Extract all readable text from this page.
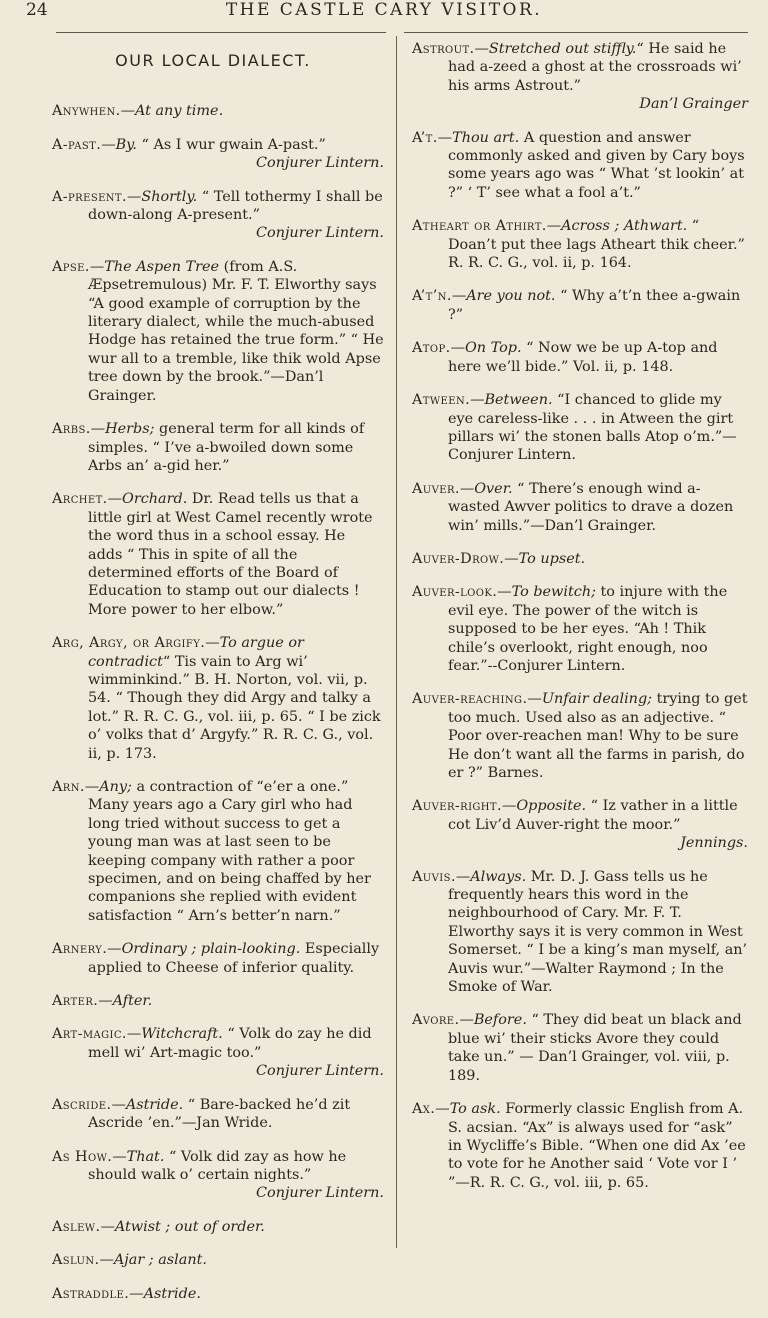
24	THE CASTLE CARY VISITOR.
OUR LOCAL DIALECT.

Anywhen.—At any time.

A-past.—By. “ As I wur gwain A-past.”
Conjurer Lintern.

A-present.—Shortly. “ Tell tothermy I shall be down-along A-present.”
Conjurer Lintern.

Apse.—The Aspen Tree (from A.S. Æpsetremulous) Mr. F. T. Elworthy says “A good example of corruption by the literary dialect, while the much-abused Hodge has retained the true form.” “ He wur all to a tremble, like thik wold Apse tree down by the brook.”—Dan’l Grainger.

Arbs.—Herbs; general term for all kinds of simples. “ I’ve a-bwoiled down some Arbs an’ a-gid her.”

Archet.—Orchard. Dr. Read tells us that a little girl at West Camel recently wrote the word thus in a school essay. He adds “ This in spite of all the determined efforts of the Board of Education to stamp out our dialects ! More power to her elbow.”

Arg, Argy, or Argify.—To argue or contradict“ Tis vain to Arg wi’ wimminkind.” B. H. Norton, vol. vii, p. 54. “ Though they did Argy and talky a lot.” R. R. C. G., vol. iii, p. 65. “ I be zick o’ volks that d’ Argyfy.” R. R. C. G., vol. ii, p. 173.

Arn.—Any; a contraction of “e’er a one.” Many years ago a Cary girl who had long tried without success to get a young man was at last seen to be keeping company with rather a poor specimen, and on being chaffed by her companions she replied with evident satisfaction “ Arn’s better’n narn.”

Arnery.—Ordinary ; plain-looking. Especially applied to Cheese of inferior quality.

Arter.—After.

Art-magic.—Witchcraft. “ Volk do zay he did mell wi’ Art-magic too.”
Conjurer Lintern.

Ascride.—Astride. “ Bare-backed he’d zit Ascride ’en.”—Jan Wride.

As How.—That. “ Volk did zay as how he should walk o’ certain nights.”
Conjurer Lintern.

Aslew.—Atwist ; out of order.

Aslun.—Ajar ; aslant.

Astraddle.—Astride.

Astrout.—Stretched out stiffly.“ He said he had a-zeed a ghost at the crossroads wi’ his arms Astrout.”
Dan’l Grainger

A’t.—Thou art. A question and answer commonly asked and given by Cary boys some years ago was “ What ’st lookin’ at ?” ‘ T’ see what a fool a’t.”

Atheart or Athirt.—Across ; Athwart. “ Doan’t put thee lags Atheart thik cheer.” R. R. C. G., vol. ii, p. 164.

A’t’n.—Are you not. “ Why a’t’n thee a-gwain ?”

Atop.—On Top. “ Now we be up A-top and here we’ll bide.” Vol. ii, p. 148.

Atween.—Between. “I chanced to glide my eye careless-like . . . in Atween the girt pillars wi’ the stonen balls Atop o’m.”—Conjurer Lintern.

Auver.—Over. “ There’s enough wind a-wasted Awver politics to drave a dozen win’ mills.”—Dan’l Grainger.

Auver-Drow.—To upset.

Auver-look.—To bewitch; to injure with the evil eye. The power of the witch is supposed to be her eyes. “Ah ! Thik chile’s overlookt, right enough, noo fear.”--Conjurer Lintern.

Auver-reaching.—Unfair dealing; trying to get too much. Used also as an adjective. “ Poor over-reachen man! Why to be sure He don’t want all the farms in parish, do er ?” Barnes.

Auver-right.—Opposite. “ Iz vather in a little cot Liv’d Auver-right the moor.”
Jennings.

Auvis.—Always. Mr. D. J. Gass tells us he frequently hears this word in the neighbourhood of Cary. Mr. F. T. Elworthy says it is very common in West Somerset. “ I be a king’s man myself, an’ Auvis wur.”—Walter Raymond ; In the Smoke of War.

Avore.—Before. “ They did beat un black and blue wi’ their sticks Avore they could take un.” — Dan’l Grainger, vol. viii, p. 189.

Ax.—To ask. Formerly classic English from A. S. acsian. “Ax” is always used for “ask” in Wycliffe’s Bible. “When one did Ax ’ee to vote for he Another said ‘ Vote vor I ’ ”—R. R. C. G., vol. iii, p. 65.
